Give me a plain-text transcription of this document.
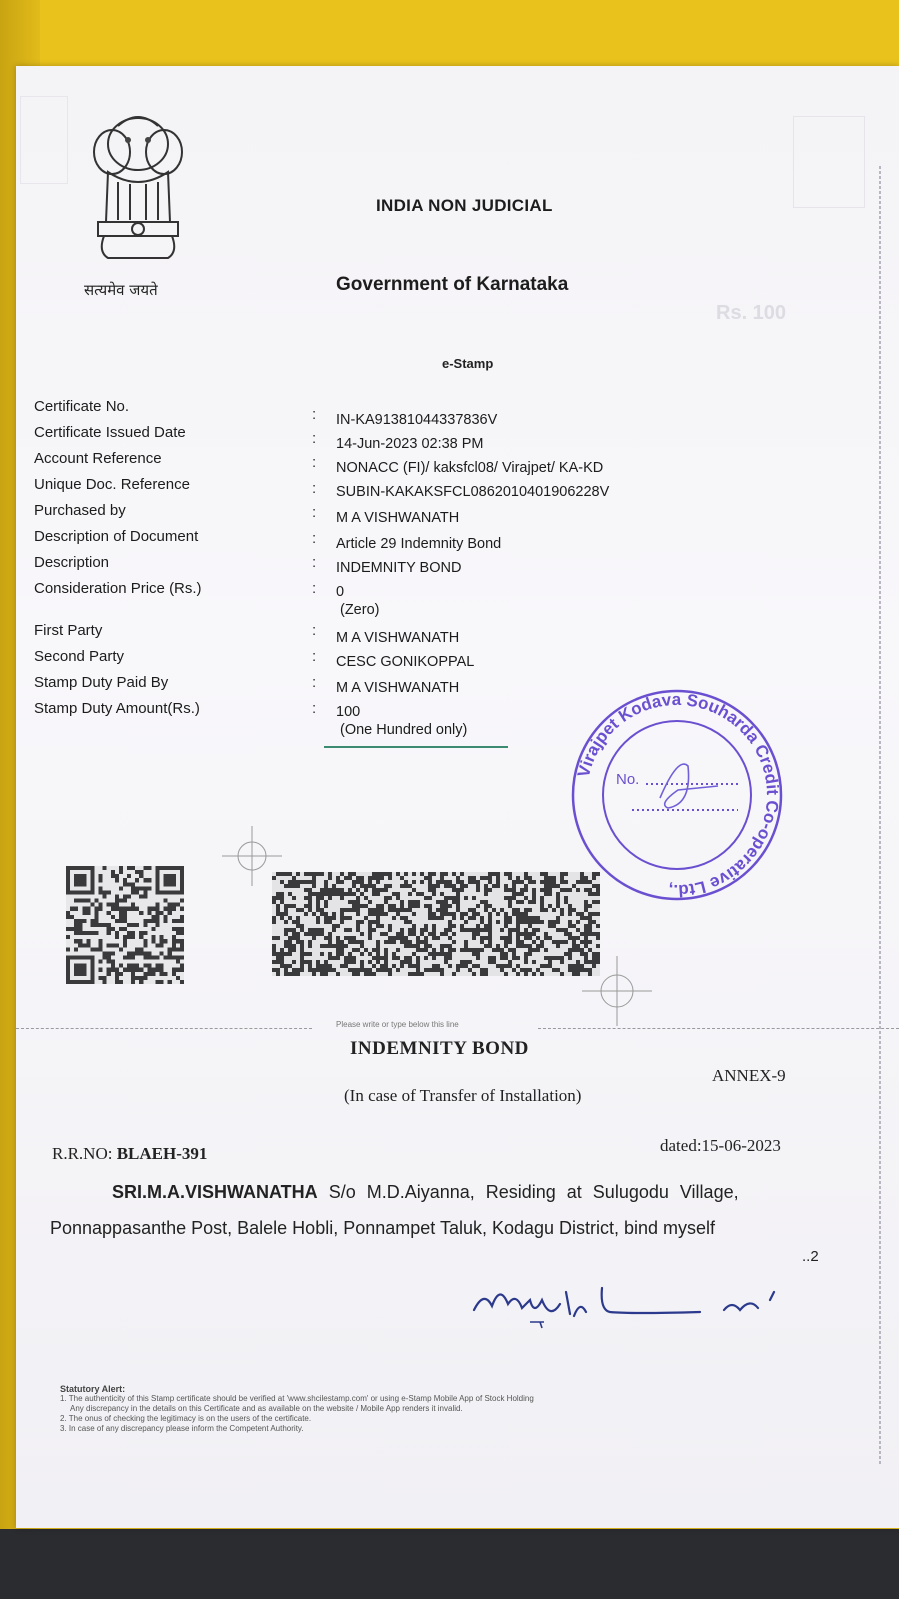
सत्यमेव जयते
INDIA NON JUDICIAL
Government of Karnataka
Rs. 100
e-Stamp
Certificate No.	: IN-KA91381044337836V
Certificate Issued Date	: 14-Jun-2023 02:38 PM
Account Reference	: NONACC (FI)/ kaksfcl08/ Virajpet/ KA-KD
Unique Doc. Reference	: SUBIN-KAKAKSFCL0862010401906228V
Purchased by	: M A VISHWANATH
Description of Document	: Article 29 Indemnity Bond
Description	: INDEMNITY BOND
Consideration Price (Rs.)	: 0
(Zero)
First Party	: M A VISHWANATH
Second Party	: CESC GONIKOPPAL
Stamp Duty Paid By	: M A VISHWANATH
Stamp Duty Amount(Rs.)	: 100
(One Hundred only)
Virajpet Kodava Souharda Credit Co-operative Ltd.,
No.
Please write or type below this line
INDEMNITY BOND
ANNEX-9
(In case of Transfer of Installation)
R.R.NO: BLAEH-391	dated:15-06-2023
SRI.M.A.VISHWANATHA S/o M.D.Aiyanna, Residing at Sulugodu Village,
Ponnappasanthe Post, Balele Hobli, Ponnampet Taluk, Kodagu District, bind myself
..2
Statutory Alert:
1. The authenticity of this Stamp certificate should be verified at 'www.shcilestamp.com' or using e-Stamp Mobile App of Stock Holding
Any discrepancy in the details on this Certificate and as available on the website / Mobile App renders it invalid.
2. The onus of checking the legitimacy is on the users of the certificate.
3. In case of any discrepancy please inform the Competent Authority.
